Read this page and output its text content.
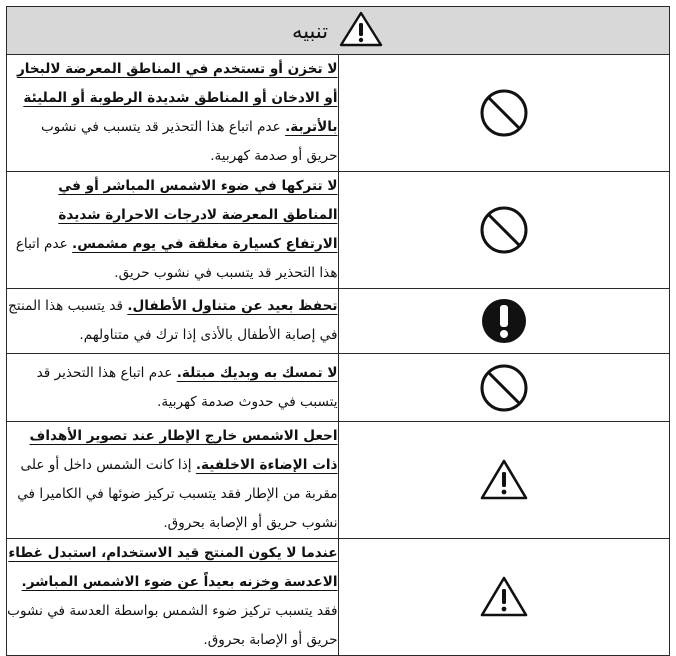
تنبيه	

لا تخزن أو تستخدم في المناطق المعرضة لالبخار أو الادخان أو المناطق شديدة الرطوبة أو المليئة بالأتربة. عدم اتباع هذا التحذير قد يتسبب في نشوب حريق أو صدمة كهربية.	

لا تتركها في ضوء الاشمس المباشر أو في المناطق المعرضة لادرجات الاحرارة شديدة الارتفاع كسيارة مغلقة في يوم مشمس. عدم اتباع هذا التحذير قد يتسبب في نشوب حريق.	

تحفظ بعيد عن متناول الأطفال. قد يتسبب هذا المنتج في إصابة الأطفال بالأذى إذا ترك في متناولهم.	

لا تمسك به وبديك مبتلة. عدم اتباع هذا التحذير قد يتسبب في حدوث صدمة كهربية.	

احعل الاشمس خارج الإطار عند تصوير الأهداف ذات الإضاءة الاخلفية. إذا كانت الشمس داخل أو على مقربة من الإطار فقد يتسبب تركيز ضوئها في الكاميرا في نشوب حريق أو الإصابة بحروق.	

عندما لا يكون المنتج قيد الاستخدام، استبدل غطاء الاعدسة وخزنه بعيداً عن ضوء الاشمس المباشر. فقد يتسبب تركيز ضوء الشمس بواسطة العدسة في نشوب حريق أو الإصابة بحروق.	
